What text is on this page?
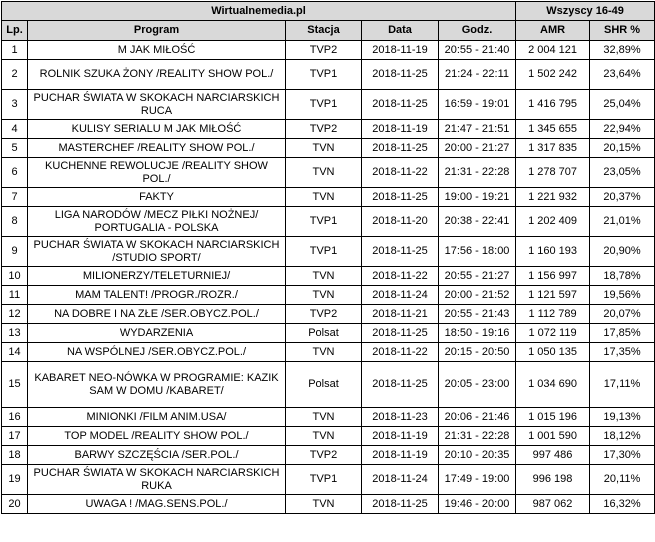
Wirtualnemedia.pl					Wszyscy 16-49	
Lp.	Program	Stacja	Data	Godz.	AMR	SHR %
1	M JAK MIŁOŚĆ	TVP2	2018-11-19	20:55 - 21:40	2 004 121	32,89%
2	ROLNIK SZUKA ŻONY /REALITY SHOW POL./	TVP1	2018-11-25	21:24 - 22:11	1 502 242	23,64%
3	PUCHAR ŚWIATA W SKOKACH NARCIARSKICH RUCA	TVP1	2018-11-25	16:59 - 19:01	1 416 795	25,04%
4	KULISY SERIALU M JAK MIŁOŚĆ	TVP2	2018-11-19	21:47 - 21:51	1 345 655	22,94%
5	MASTERCHEF /REALITY SHOW POL./	TVN	2018-11-25	20:00 - 21:27	1 317 835	20,15%
6	KUCHENNE REWOLUCJE /REALITY SHOW POL./	TVN	2018-11-22	21:31 - 22:28	1 278 707	23,05%
7	FAKTY	TVN	2018-11-25	19:00 - 19:21	1 221 932	20,37%
8	LIGA NARODÓW /MECZ PIŁKI NOŻNEJ/ PORTUGALIA - POLSKA	TVP1	2018-11-20	20:38 - 22:41	1 202 409	21,01%
9	PUCHAR ŚWIATA W SKOKACH NARCIARSKICH /STUDIO SPORT/	TVP1	2018-11-25	17:56 - 18:00	1 160 193	20,90%
10	MILIONERZY/TELETURNIEJ/	TVN	2018-11-22	20:55 - 21:27	1 156 997	18,78%
11	MAM TALENT! /PROGR./ROZR./	TVN	2018-11-24	20:00 - 21:52	1 121 597	19,56%
12	NA DOBRE I NA ZŁE /SER.OBYCZ.POL./	TVP2	2018-11-21	20:55 - 21:43	1 112 789	20,07%
13	WYDARZENIA	Polsat	2018-11-25	18:50 - 19:16	1 072 119	17,85%
14	NA WSPÓLNEJ /SER.OBYCZ.POL./	TVN	2018-11-22	20:15 - 20:50	1 050 135	17,35%
15	KABARET NEO-NÓWKA W PROGRAMIE: KAZIK SAM W DOMU /KABARET/	Polsat	2018-11-25	20:05 - 23:00	1 034 690	17,11%
16	MINIONKI /FILM ANIM.USA/	TVN	2018-11-23	20:06 - 21:46	1 015 196	19,13%
17	TOP MODEL /REALITY SHOW POL./	TVN	2018-11-19	21:31 - 22:28	1 001 590	18,12%
18	BARWY SZCZĘŚCIA /SER.POL./	TVP2	2018-11-19	20:10 - 20:35	997 486	17,30%
19	PUCHAR ŚWIATA W SKOKACH NARCIARSKICH RUKA	TVP1	2018-11-24	17:49 - 19:00	996 198	20,11%
20	UWAGA ! /MAG.SENS.POL./	TVN	2018-11-25	19:46 - 20:00	987 062	16,32%
